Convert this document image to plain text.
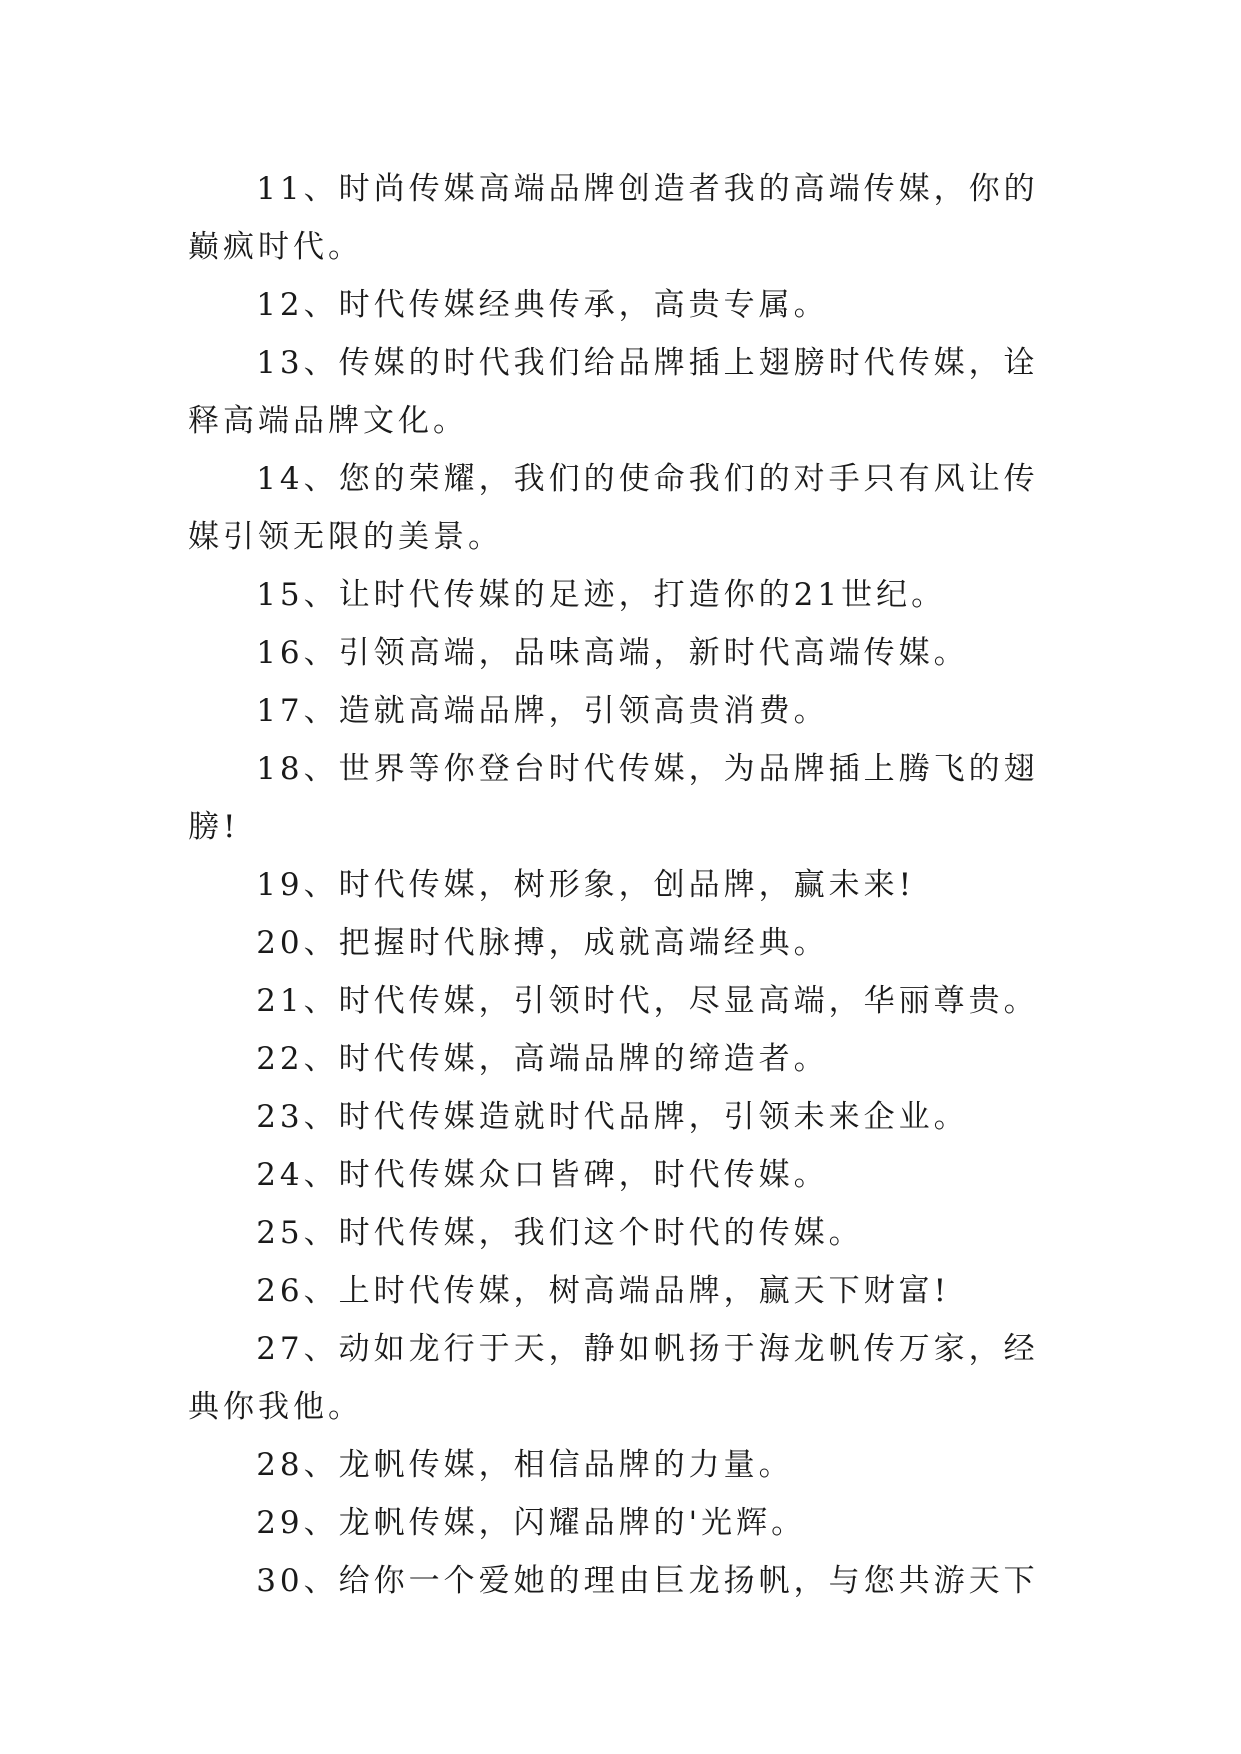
11、时尚传媒高端品牌创造者我的高端传媒，你的巅疯时代。

12、时代传媒经典传承，高贵专属。

13、传媒的时代我们给品牌插上翅膀时代传媒，诠释高端品牌文化。

14、您的荣耀，我们的使命我们的对手只有风让传媒引领无限的美景。

15、让时代传媒的足迹，打造你的21世纪。

16、引领高端，品味高端，新时代高端传媒。

17、造就高端品牌，引领高贵消费。

18、世界等你登台时代传媒，为品牌插上腾飞的翅膀!

19、时代传媒，树形象，创品牌，赢未来!

20、把握时代脉搏，成就高端经典。

21、时代传媒，引领时代，尽显高端，华丽尊贵。

22、时代传媒，高端品牌的缔造者。

23、时代传媒造就时代品牌，引领未来企业。

24、时代传媒众口皆碑，时代传媒。

25、时代传媒，我们这个时代的传媒。

26、上时代传媒，树高端品牌，赢天下财富!

27、动如龙行于天，静如帆扬于海龙帆传万家，经典你我他。

28、龙帆传媒，相信品牌的力量。

29、龙帆传媒，闪耀品牌的'光辉。

30、给你一个爱她的理由巨龙扬帆，与您共游天下
